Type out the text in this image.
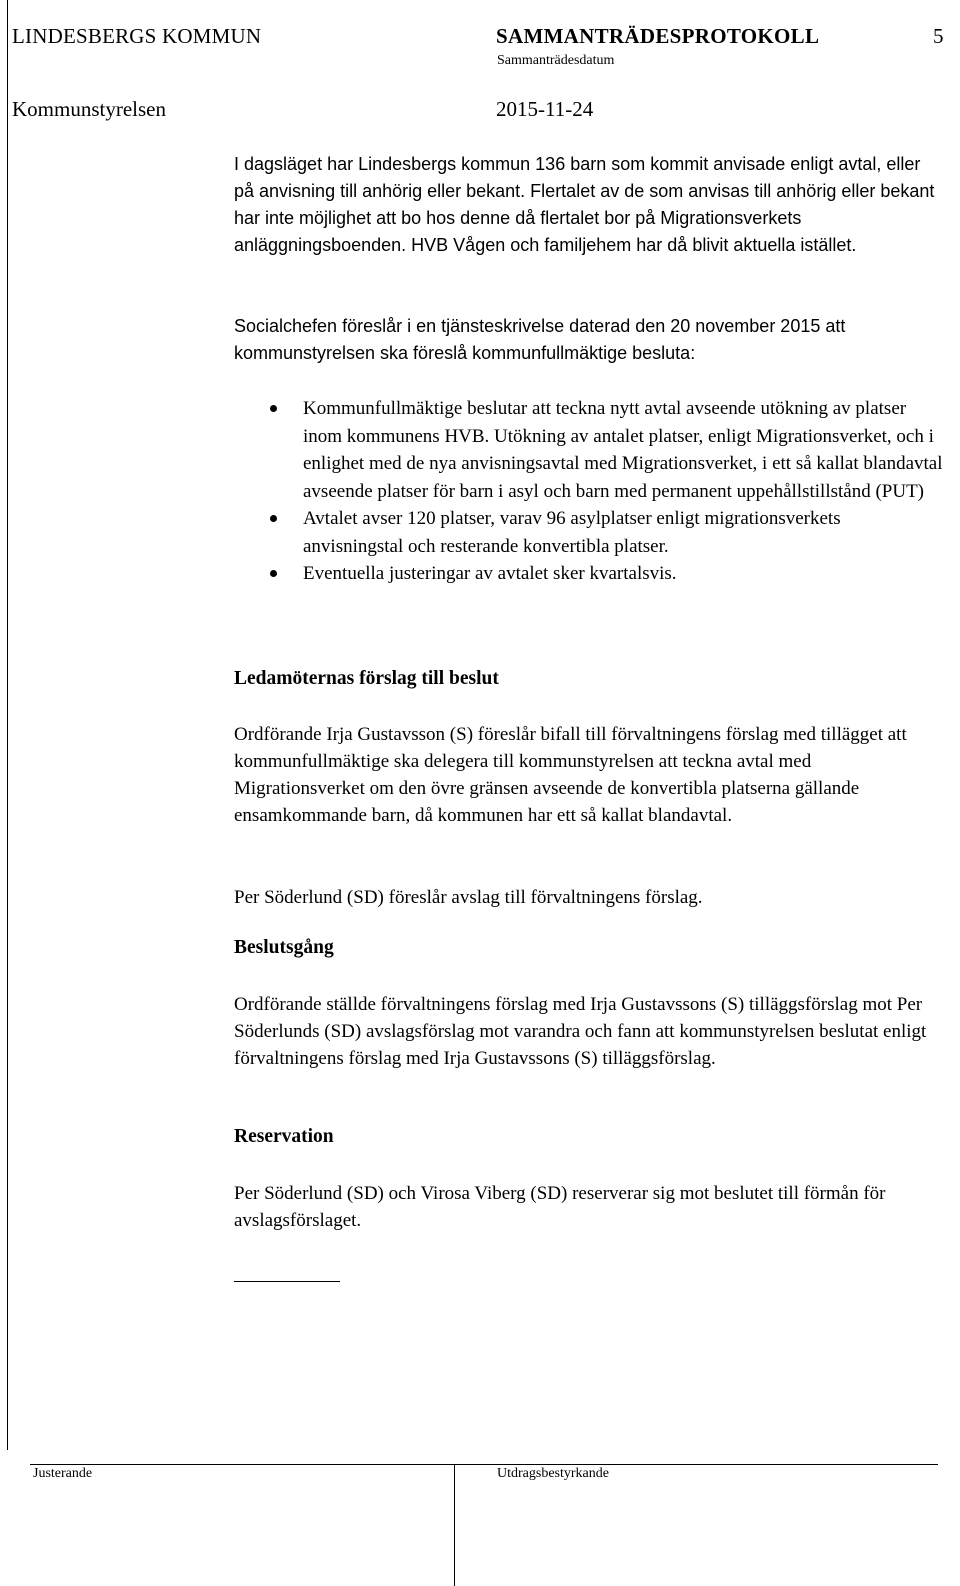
LINDESBERGS KOMMUN	SAMMANTRÄDESPROTOKOLL	5
Sammanträdesdatum
Kommunstyrelsen	2015-11-24

I dagsläget har Lindesbergs kommun 136 barn som kommit anvisade enligt avtal, eller på anvisning till anhörig eller bekant. Flertalet av de som anvisas till anhörig eller bekant har inte möjlighet att bo hos denne då flertalet bor på Migrationsverkets anläggningsboenden. HVB Vågen och familjehem har då blivit aktuella istället.

Socialchefen föreslår i en tjänsteskrivelse daterad den 20 november 2015 att kommunstyrelsen ska föreslå kommunfullmäktige besluta:

Kommunfullmäktige beslutar att teckna nytt avtal avseende utökning av platser inom kommunens HVB. Utökning av antalet platser, enligt Migrationsverket, och i enlighet med de nya anvisningsavtal med Migrationsverket, i ett så kallat blandavtal avseende platser för barn i asyl och barn med permanent uppehållstillstånd (PUT)
Avtalet avser 120 platser, varav 96 asylplatser enligt migrationsverkets anvisningstal och resterande konvertibla platser.
Eventuella justeringar av avtalet sker kvartalsvis.
Ledamöternas förslag till beslut

Ordförande Irja Gustavsson (S) föreslår bifall till förvaltningens förslag med tillägget att kommunfullmäktige ska delegera till kommunstyrelsen att teckna avtal med Migrationsverket om den övre gränsen avseende de konvertibla platserna gällande ensamkommande barn, då kommunen har ett så kallat blandavtal.

Per Söderlund (SD) föreslår avslag till förvaltningens förslag.

Beslutsgång

Ordförande ställde förvaltningens förslag med Irja Gustavssons (S) tilläggsförslag mot Per Söderlunds (SD) avslagsförslag mot varandra och fann att kommunstyrelsen beslutat enligt förvaltningens förslag med Irja Gustavssons (S) tilläggsförslag.

Reservation

Per Söderlund (SD) och Virosa Viberg (SD) reserverar sig mot beslutet till förmån för avslagsförslaget.

Justerande	Utdragsbestyrkande
